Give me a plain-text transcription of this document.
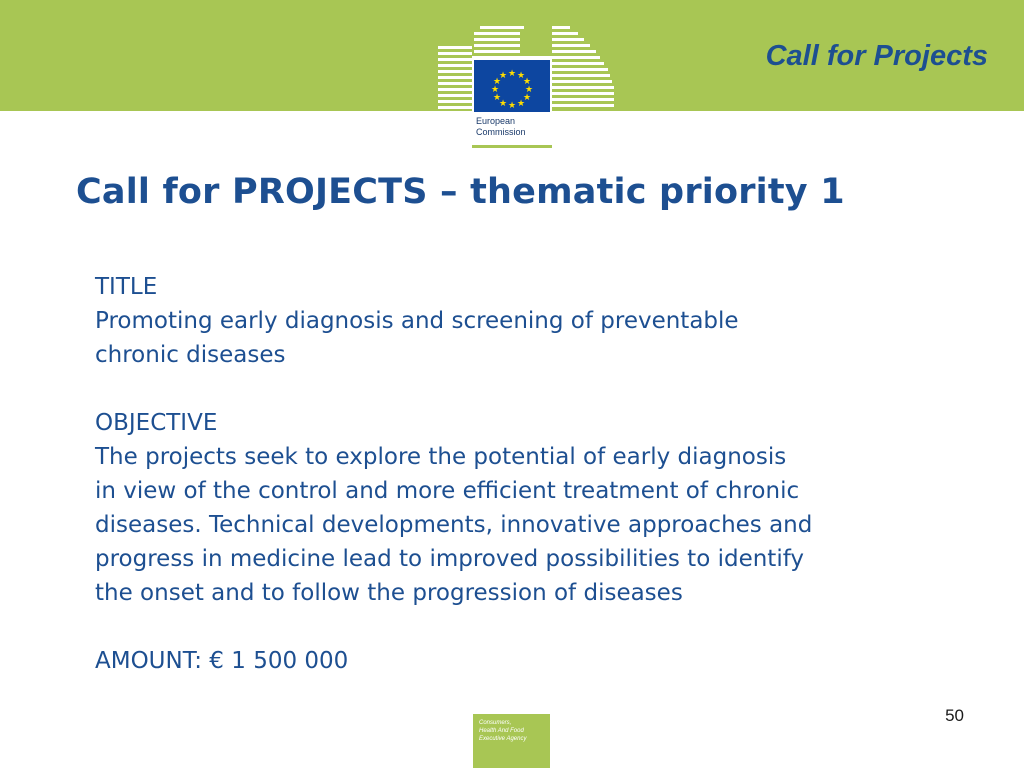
★ ★
★
★
★
★
★
★
★
★
★
★
European
Commission
Call for Projects
Call for PROJECTS – thematic priority 1
TITLE
Promoting early diagnosis and screening of preventable
chronic diseases
OBJECTIVE
The projects seek to explore the potential of early diagnosis
in view of the control and more efficient treatment of chronic
diseases. Technical developments, innovative approaches and
progress in medicine lead to improved possibilities to identify
the onset and to follow the progression of diseases
AMOUNT: € 1 500 000
50
Consumers,
Health And Food
Executive Agency
